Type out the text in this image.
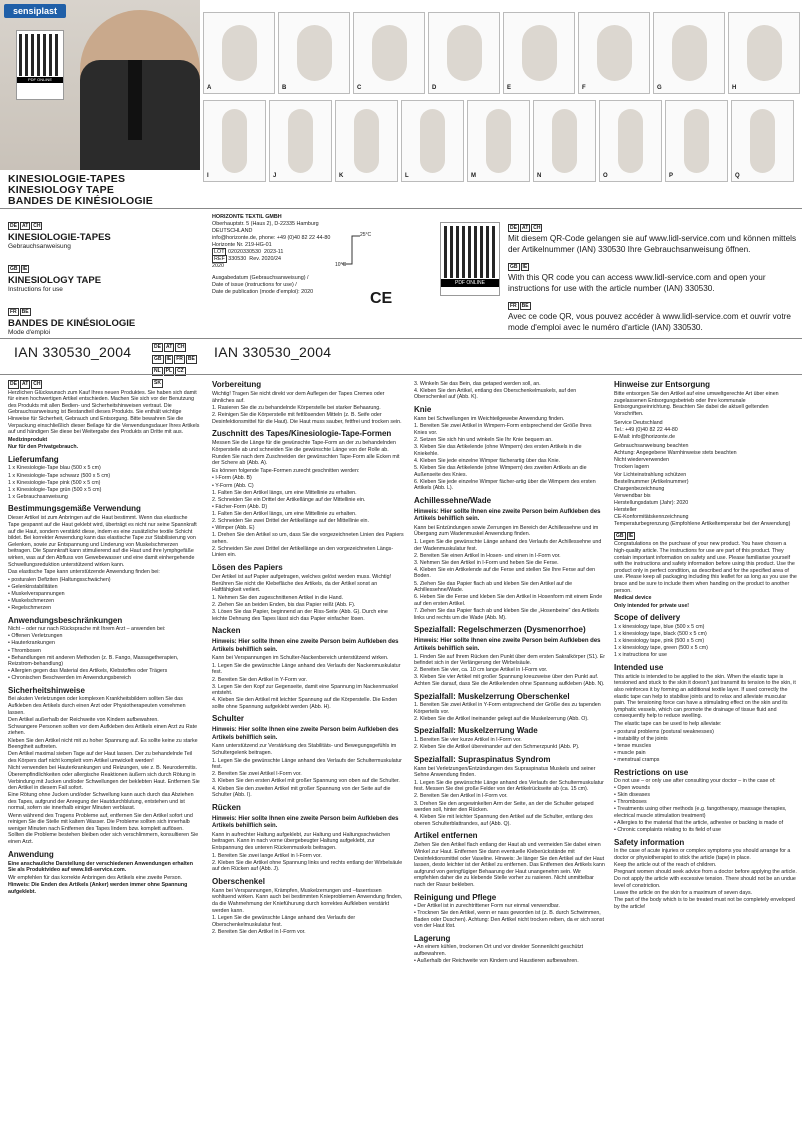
sensiplast
PDF ONLINE
KINESIOLOGIE-TAPES
KINESIOLOGY TAPE
BANDES DE KINÉSIOLOGIE
A	B	C	D	E	F	G	H
I	J	K	L	M	N	O	P	Q
DE AT CH
KINESIOLOGIE-TAPES
Gebrauchsanweisung
GB IE
KINESIOLOGY TAPE
Instructions for use
FR BE
BANDES DE KINÉSIOLOGIE
Mode d'emploi
HORIZONTE TEXTIL GMBH
Oberhauptstr. 5 (Haus 2), D-22335 Hamburg
DEUTSCHLAND
info@horizonte.de, phone: +49 (0)40 82 22 44-80
Horizonte Nr. 219-HG-01
LOT 02020330530 2023-11
REF 330530 Rev. 2020/24
2020
Ausgabedatum (Gebrauchsanweisung) /
Date of issue (instructions for use) /
Date de publication (mode d'emploi): 2020
25°C
10°C
CE
PDF ONLINE
DE AT CH
Mit diesem QR-Code gelangen sie auf www.lidl-service.com und können mittels der Artikelnummer (IAN) 330530 Ihre Gebrauchsanweisung öffnen.
GB IE
With this QR code you can access www.lidl-service.com and open your instructions for use with the article number (IAN) 330530.
FR BE
Avec ce code QR, vous pouvez accéder à www.lidl-service.com et ouvrir votre mode d'emploi avec le numéro d'article (IAN) 330530.
IAN 330530_2004	DE AT CH GB IE FR BE NL PL CZSK
IAN 330530_2004
DE AT CH

Herzlichen Glückwunsch zum Kauf Ihres neuen Produktes. Sie haben sich damit für einen hochwertigen Artikel entschieden. Machen Sie sich vor der Benutzung des Produkts mit allen Bedien- und Sicherheitshinweisen vertraut. Die Gebrauchsanweisung ist Bestandteil dieses Produkts. Sie enthält wichtige Hinweise für Sicherheit, Gebrauch und Entsorgung. Bitte bewahren Sie die Verpackung einschließlich dieser Beilage für die Verwendungsdauer Ihres Artikels auf und händigen Sie diese bei Weitergabe des Produkts an Dritte mit aus.

Medizinprodukt

Nur für den Privatgebrauch.

Lieferumfang
1 x Kinesiologie-Tape blau (500 x 5 cm)
1 x Kinesiologie-Tape schwarz (500 x 5 cm)
1 x Kinesiologie-Tape pink (500 x 5 cm)
1 x Kinesiologie-Tape grün (500 x 5 cm)
1 x Gebrauchsanweisung
Bestimmungsgemäße Verwendung

Dieser Artikel ist zum Anbringen auf die Haut bestimmt. Wenn das elastische Tape gespannt auf die Haut geklebt wird, überträgt es nicht nur seine Spannkraft auf die Haut, sondern verstärkt diese, indem es eine zusätzliche textile Schicht bildet. Bei korrekter Anwendung kann das elastische Tape zur Stabilisierung von Gelenken, sowie zur Entspannung und Linderung von Muskelschmerzen beitragen. Die Spannkraft kann stimulierend auf die Haut und ihre lymphgefäße wirken, was auf den Abfluss von Gewebewasser und eine damit einhergehende Schwellungsreduktion unterstützend wirken kann.

Das elastische Tape kann unterstützende Anwendung finden bei:

• posturalen Defiziten (Haltungsschwächen)
• Gelenkinstabilitäten
• Muskelverspannungen
• Muskelschmerzen
• Regelschmerzen
Anwendungsbeschränkungen
Nicht – oder nur nach Rücksprache mit Ihrem Arzt – anwenden bei:
• Offenen Verletzungen
• Hauterkrankungen
• Thrombosen
• Behandlungen mit anderen Methoden (z. B. Fango, Massagetherapien, Reizstrom-behandlung)
• Allergien gegen das Material des Artikels, Klebstoffes oder Trägers
• Chronischen Beschwerden im Anwendungsbereich
Sicherheitshinweise
Bei akuten Verletzungen oder komplexen Krankheitsbildern sollten Sie das Aufkleben des Artikels durch einen Arzt oder Physiotherapeuten vornehmen lassen.
Den Artikel außerhalb der Reichweite von Kindern aufbewahren.
Schwangere Personen sollten vor dem Aufkleben des Artikels einen Arzt zu Rate ziehen.
Kleben Sie den Artikel nicht mit zu hoher Spannung auf. Es sollte keine zu starke Beengtheit auftreten.
Den Artikel maximal sieben Tage auf der Haut lassen. Der zu behandelnde Teil des Körpers darf nicht komplett vom Artikel umwickelt werden!
Nicht verwenden bei Hauterkrankungen und Reizungen, wie z. B. Neurodermitis.
Überempfindlichkeiten oder allergische Reaktionen äußern sich durch Rötung in Verbindung mit Jucken und/oder Schwellungen der beklebten Haut. Entfernen Sie den Artikel in diesem Fall sofort.
Eine Rötung ohne Jucken und/oder Schwellung kann auch durch das Abziehen des Tapes, aufgrund der Anregung der Hautdurchblutung, entstehen und ist normal, sofern sie innerhalb einiger Minuten verblasst.
Wenn während des Tragens Probleme auf, entfernen Sie den Artikel sofort und reinigen Sie die Stelle mit kaltem Wasser. Die Probleme sollten sich innerhalb weniger Minuten nach Entfernen des Tapes lindern bzw. komplett auflösen. Sollten die Probleme bestehen bleiben oder sich verschlimmern, konsultieren Sie einen Arzt.
Anwendung

Eine anschauliche Darstellung der verschiedenen Anwendungen erhalten Sie als Produktvideo auf www.lidl-service.com.

Wir empfehlen für das korrekte Anbringen des Artikels eine zweite Person.

Hinweis: Die Enden des Artikels (Anker) werden immer ohne Spannung aufgeklebt.

Vorbereitung

Wichtig! Tragen Sie nicht direkt vor dem Auflegen der Tapes Cremes oder ähnliches auf.

1. Rasieren Sie die zu behandelnde Körperstelle bei starker Behaarung.
2. Reinigen Sie die Körperstelle mit fettlösenden Mitteln (z. B. Seife oder Desinfektionsmittel für die Haut). Die Haut muss sauber, fettfrei und trocken sein.
Zuschnitt des Tapes/Kinesiologie-Tape-Formen

Messen Sie die Länge für die gewünschte Tape-Form an der zu behandelnden Körperstelle ab und schneiden Sie die gewünschte Länge von der Rolle ab. Runden Sie nach dem Zuschneiden der gewünschten Tape-Form alle Ecken mit der Schere ab (Abb. A).

Es können folgende Tape-Formen zurecht geschnitten werden:

• I-Form (Abb. B)
• Y-Form (Abb. C)
1. Falten Sie den Artikel längs, um eine Mittellinie zu erhalten.
2. Schneiden Sie ein Drittel der Artikellänge auf der Mittellinie ein.
• Fächer-Form (Abb. D)
1. Falten Sie den Artikel längs, um eine Mittellinie zu erhalten.
2. Schneiden Sie zwei Drittel der Artikellänge auf der Mittellinie ein.
• Wimper (Abb. E)
1. Drehen Sie den Artikel so um, dass Sie die vorgezeichneten Linien des Papiers sehen.
2. Schneiden Sie zwei Drittel der Artikellänge an den vorgezeichneten Längs-Linien ein.
Lösen des Papiers

Der Artikel ist auf Papier aufgetragen, welches gelöst werden muss. Wichtig! Berühren Sie nicht die Klebefläche des Artikels, da der Artikel sonst an Haftfähigkeit verliert.

1. Nehmen Sie den zugeschnittenen Artikel in die Hand.
2. Ziehen Sie an beiden Enden, bis das Papier reißt (Abb. F).
3. Lösen Sie das Papier, beginnend an der Riss-Seite (Abb. G). Durch eine leichte Dehnung des Tapes lässt sich das Papier einfacher lösen.
Nacken
Hinweis: Hier sollte Ihnen eine zweite Person beim Aufkleben des Artikels behilflich sein.

Kann bei Verspannungen im Schulter-Nackenbereich unterstützend wirken.

1. Legen Sie die gewünschte Länge anhand des Verlaufs der Nackenmuskulatur fest.
2. Bereiten Sie den Artikel in Y-Form vor.
3. Legen Sie den Kopf zur Gegenseite, damit eine Spannung im Nackenmuskel entsteht.
4. Kleben Sie den Artikel mit leichter Spannung auf die Körperstelle. Die Enden sollte ohne Spannung aufgeklebt werden (Abb. H).
Schulter
Hinweis: Hier sollte Ihnen eine zweite Person beim Aufkleben des Artikels behilflich sein.

Kann unterstützend zur Verstärkung des Stabilitäts- und Bewegungsgefühls im Schultergelenk beitragen.

1. Legen Sie die gewünschte Länge anhand des Verlaufs der Schultermuskulatur fest.
2. Bereiten Sie zwei Artikel I-Form vor.
3. Kleben Sie den ersten Artikel mit großer Spannung von oben auf die Schulter.
4. Kleben Sie den zweiten Artikel mit großer Spannung von der Seite auf die Schulter (Abb. I).
Rücken
Hinweis: Hier sollte Ihnen eine zweite Person beim Aufkleben des Artikels behilflich sein.

Kann in aufrechter Haltung aufgeklebt, zur Haltung und Haltungsschwächen beitragen. Kann in nach vorne übergebeugter Haltung aufgeklebt, zur Entspannung des unteren Rückenmuskels beitragen.

1. Bereiten Sie zwei lange Artikel in I-Form vor.
2. Kleben Sie die Artikel ohne Spannung links und rechts entlang der Wirbelsäule auf den Rücken auf (Abb. J).
Oberschenkel

Kann bei Verspannungen, Krämpfen, Muskelzerrungen und –faserrissen wohltuend wirken. Kann auch bei bestimmten Knieproblemen Anwendung finden, da die Wahrnehmung der Kniefühurung durch korrektes Aufkleben verstärkt werden kann.

1. Legen Sie die gewünschte Länge anhand des Verlaufs der Oberschenkelmuskulatur fest.
2. Bereiten Sie den Artikel in I-Form vor.
3. Winkeln Sie das Bein, das getaped werden soll, an.
4. Kleben Sie den Artikel, entlang des Oberschenkelmuskels, auf den Oberschenkel auf (Abb. K).
Knie

Kann bei Schwellungen im Weichteilgewebe Anwendung finden.

1. Bereiten Sie zwei Artikel in Wimpern-Form entsprechend der Größe Ihres Knies vor.
2. Setzen Sie sich hin und winkeln Sie Ihr Knie bequem an.
3. Kleben Sie das Artikelende (ohne Wimpern) des ersten Artikels in die Kniekehle.
4. Kleben Sie jede einzelne Wimper fächerartig über das Knie.
5. Kleben Sie das Artikelende (ohne Wimpern) des zweiten Artikels an die Außenseite des Knies.
6. Kleben Sie jede einzelne Wimper fächer-artig über die Wimpern des ersten Artikels (Abb. L).
Achillessehne/Wade
Hinweis: Hier sollte Ihnen eine zweite Person beim Aufkleben des Artikels behilflich sein.

Kann bei Entzündungen sowie Zerrungen im Bereich der Achillessehne und im Übergang zum Wadenmuskel Anwendung finden.

1. Legen Sie die gewünschte Länge anhand des Verlaufs der Achillessehne und der Wadenmuskulatur fest.
2. Bereiten Sie einen Artikel in Hosen- und einen in I-Form vor.
3. Nehmen Sie den Artikel in I-Form und heben Sie die Ferse.
4. Kleben Sie ein Artikelende auf die Ferse und stellen Sie Ihre Ferse auf den Boden.
5. Ziehen Sie das Papier flach ab und kleben Sie den Artikel auf die Achillessehne/Wade.
6. Heben Sie die Ferse und kleben Sie den Artikel in Hosenform mit einem Ende auf den ersten Artikel.
7. Ziehen Sie das Papier flach ab und kleben Sie die „Hosenbeine“ des Artikels links und rechts um die Wade (Abb. M).
Spezialfall: Regelschmerzen (Dysmenorrhoe)
Hinweis: Hier sollte Ihnen eine zweite Person beim Aufkleben des Artikels behilflich sein.
1. Finden Sie auf Ihrem Rücken den Punkt über dem ersten Sakralkörper (S1). Er befindet sich in der Verlängerung der Wirbelsäule.
2. Bereiten Sie vier, ca. 10 cm lange Artikel in I-Form vor.
3. Kleben Sie vier Artikel mit großer Spannung kreuzweise über den Punkt auf. Achten Sie darauf, dass Sie die Artikelenden ohne Spannung aufkleben (Abb. N).
Spezialfall: Muskelzerrung Oberschenkel
1. Bereiten Sie zwei Artikel in Y-Form entsprechend der Größe des zu tapenden Körperteils vor.
2. Kleben Sie die Artikel ineinander gelegt auf die Muskelzerrung (Abb. O).
Spezialfall: Muskelzerrung Wade
1. Bereiten Sie vier kurze Artikel in I-Form vor.
2. Kleben Sie die Artikel übereinander auf den Schmerzpunkt (Abb. P).
Spezialfall: Supraspinatus Syndrom

Kann bei Verletzungen/Entzündungen des Supraspinatus Muskels und seiner Sehne Anwendung finden.

1. Legen Sie die gewünschte Länge anhand des Verlaufs der Schultermuskulatur fest. Messen Sie drei große Felder von der Artikelrückseite ab (ca. 15 cm).
2. Bereiten Sie den Artikel in I-Form vor.
3. Drehen Sie den angewinkelten Arm der Seite, an der die Schulter getaped werden soll, hinter den Rücken.
4. Kleben Sie mit leichter Spannung den Artikel auf die Schulter, entlang des oberen Schulterblattrandes, auf (Abb. Q).
Artikel entfernen

Ziehen Sie den Artikel flach entlang der Haut ab und vermeiden Sie dabei einen Winkel zur Haut. Entfernen Sie dann eventuelle Kleberückstände mit Desinfektionsmittel oder Vaseline. Hinweis: Je länger Sie den Artikel auf der Haut lassen, desto leichter ist der Artikel zu entfernen. Das Entfernen des Artikels kann aufgrund von geringfügiger Behaarung der Haut unangenehm sein. Wir empfehlen daher die zu klebende Stelle vorher zu rasieren. Nicht unmittelbar nach der Rasur bekleben.

Reinigung und Pflege
• Der Artikel ist in zurechtrittener Form nur einmal verwendbar.
• Trocknen Sie den Artikel, wenn er nass geworden ist (z. B. durch Schwimmen, Baden oder Duschen). Achtung: Den Artikel nicht trocken reiben, da er sich sonst von der Haut löst.
Lagerung
• An einem kühlen, trockenen Ort und vor direkter Sonnenlicht geschützt aufbewahren.
• Außerhalb der Reichweite von Kindern und Haustieren aufbewahren.
Hinweise zur Entsorgung

Bitte entsorgen Sie den Artikel auf eine umweltgerechte Art über einen zugelassenen Entsorgungsbetrieb oder Ihre kommunale Entsorgungseinrichtung. Beachten Sie dabei die aktuell geltenden Vorschriften.

Service Deutschland
Tel.: +49 (0)40 82 22 44-80
E-Mail: info@horizonte.de
Gebrauchsanweisung beachten
Achtung: Angegebene Warnhinweise stets beachten
Nicht wiederverwenden
Trocken lagern
Vor Lichteinstrahlung schützen
Bestellnummer (Artikelnummer)
Chargenbezeichnung
Verwendbar bis
Herstellungsdatum (Jahr): 2020
Hersteller
CE-Konformitätskennzeichnung
Temperaturbegrenzung (Empfohlene Artikeltemperatur bei der Anwendung)
GB IE

Congratulations on the purchase of your new product. You have chosen a high-quality article. The instructions for use are part of this product. They contain important information on safety and use. Please familiarise yourself with the instructions and safety information before using this product. Use the product only in perfect condition, as described and for the specified area of use. Please keep all packaging including this leaflet for as long as you use the brace and be sure to include them when handing on the product to another person.

Medical device

Only intended for private use!

Scope of delivery
1 x kinesiology tape, blue (500 x 5 cm)
1 x kinesiology tape, black (500 x 5 cm)
1 x kinesiology tape, pink (500 x 5 cm)
1 x kinesiology tape, green (500 x 5 cm)
1 x instructions for use
Intended use

This article is intended to be applied to the skin. When the elastic tape is tensioned and stuck to the skin it doesn't just transmit its tension to the skin, it also reinforces it by forming an additional textile layer. If used correctly the elastic tape can help to stabilise joints and to relax and alleviate muscular pain. The tensioning force can have a stimulating effect on the skin and its lymphatic vessels, which can promote the drainage of tissue fluid and consequently help to reduce swelling.

The elastic tape can be used to help alleviate:

• postural problems (postural weaknesses)
• instability of the joints
• tense muscles
• muscle pain
• menstrual cramps
Restrictions on use
Do not use – or only use after consulting your doctor – in the case of:
• Open wounds
• Skin diseases
• Thromboses
• Treatments using other methods (e.g. fangotherapy, massage therapies, electrical muscle stimulation treatment)
• Allergies to the material that the article, adhesive or backing is made of
• Chronic complaints relating to its field of use
Safety information
In the case of acute injuries or complex symptoms you should arrange for a doctor or physiotherapist to stick the article (tape) in place.
Keep the article out of the reach of children.
Pregnant women should seek advice from a doctor before applying the article.
Do not apply the article with excessive tension. There should not be an undue level of constriction.
Leave the article on the skin for a maximum of seven days.
The part of the body which is to be treated must not be completely enveloped by the article!
